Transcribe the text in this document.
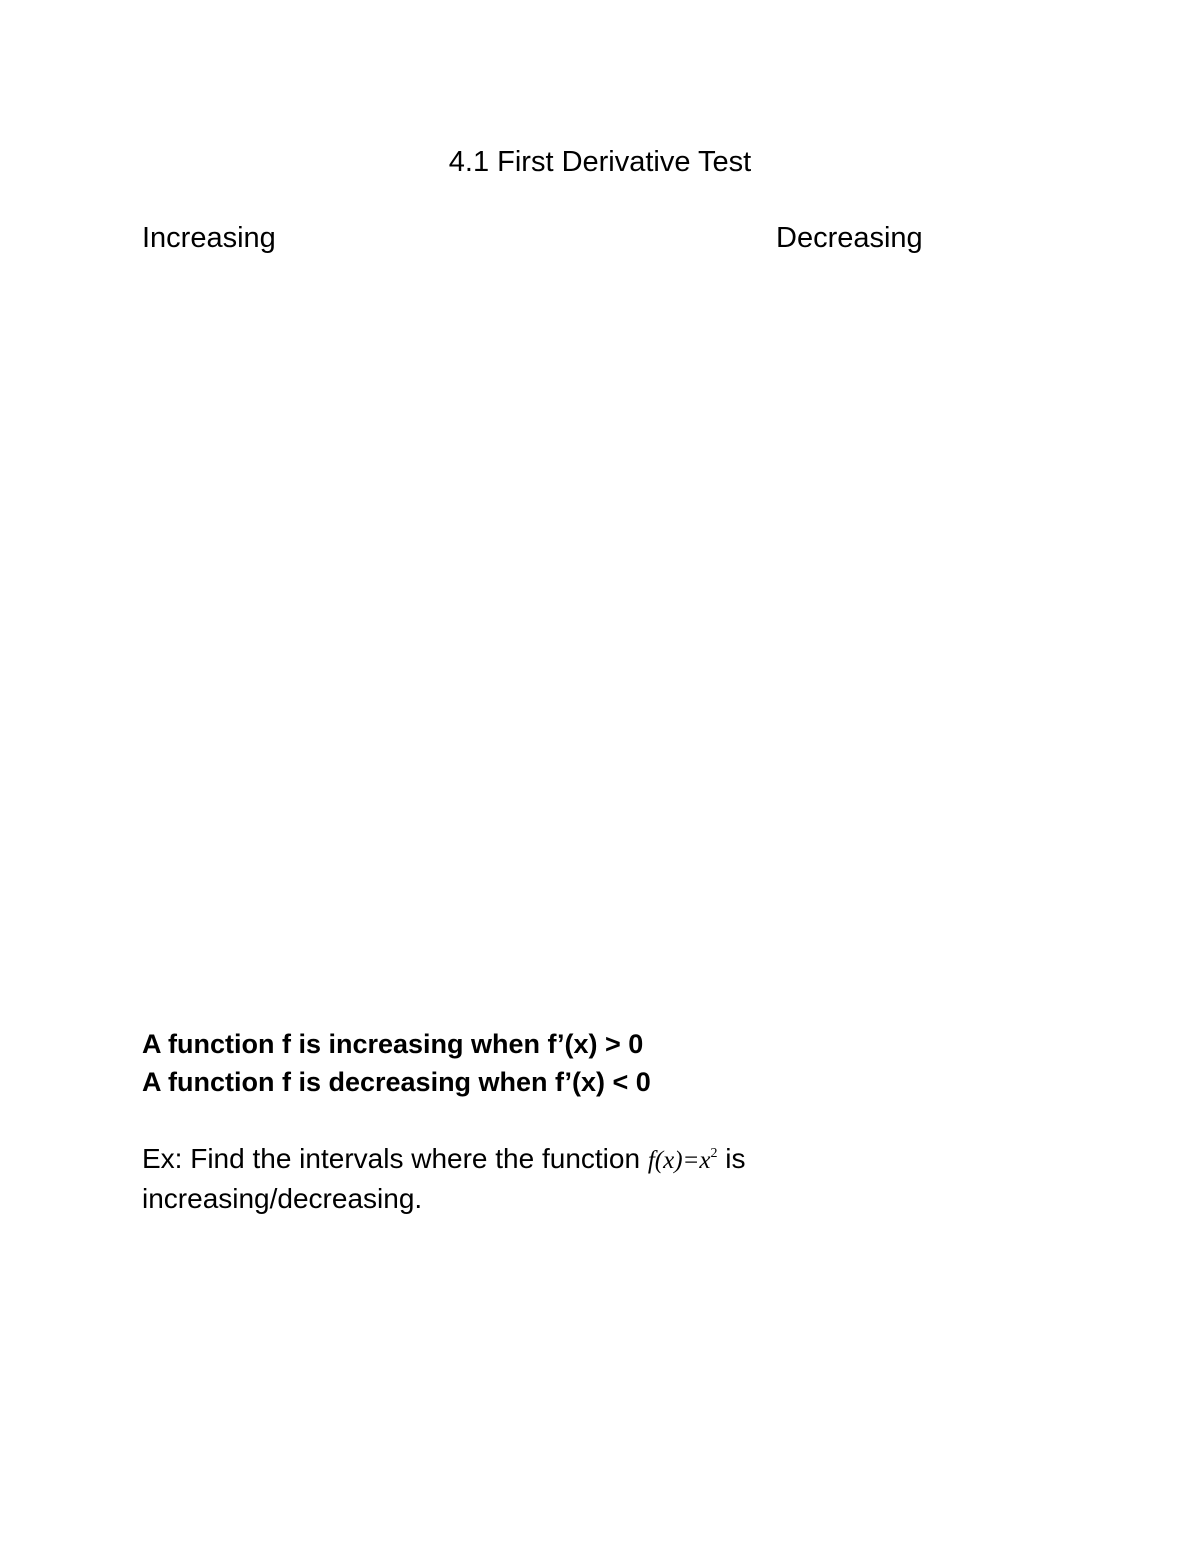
4.1 First Derivative Test
Increasing	Decreasing
A function f is increasing when f’(x) > 0
A function f is decreasing when f’(x) < 0
Ex: Find the intervals where the function $f(x)=x^2$ is increasing/decreasing.
